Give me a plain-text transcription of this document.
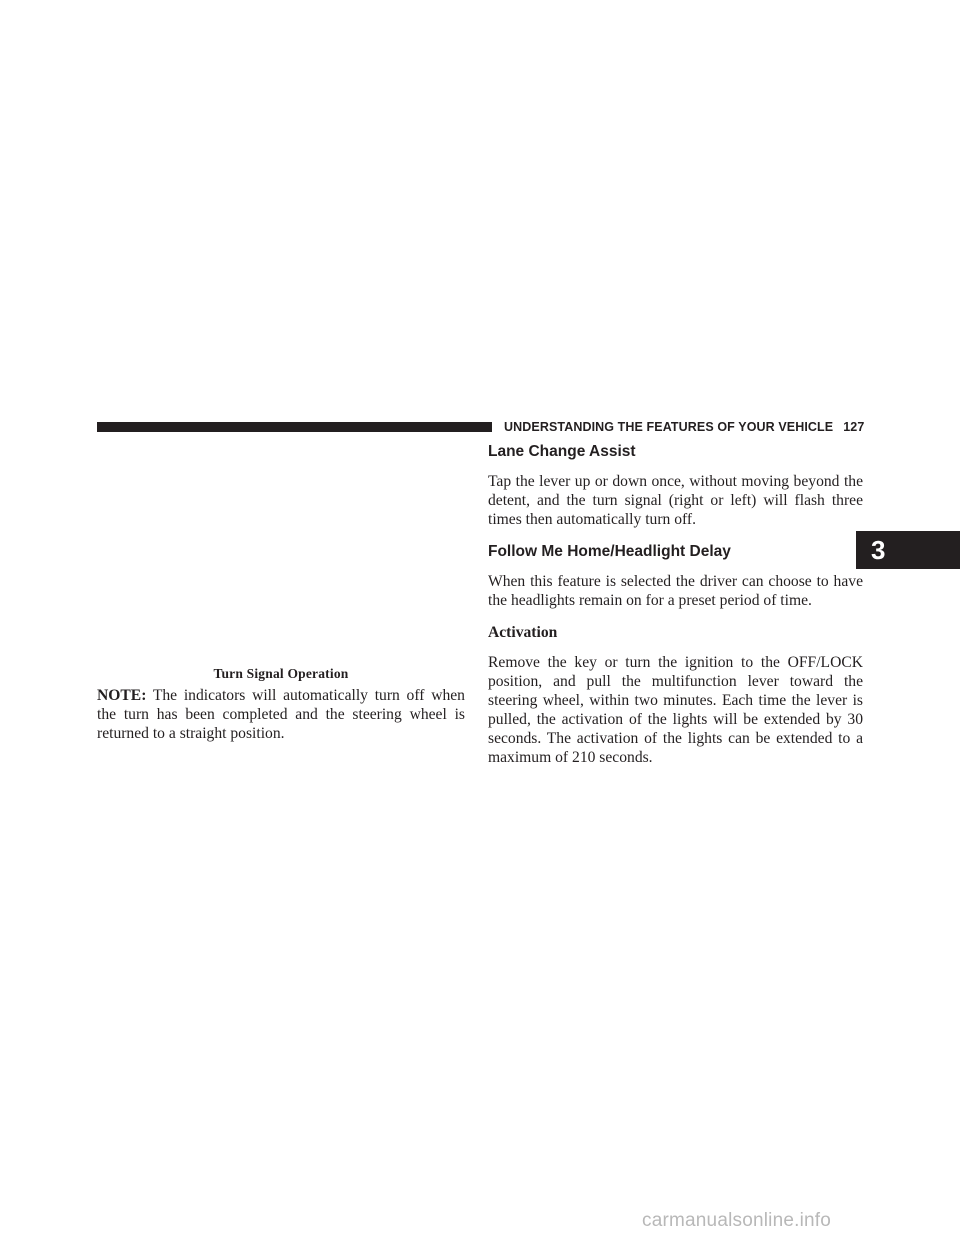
UNDERSTANDING THE FEATURES OF YOUR VEHICLE 127
3
Turn Signal Operation

NOTE: The indicators will automatically turn off when the turn has been completed and the steering wheel is returned to a straight position.

Lane Change Assist

Tap the lever up or down once, without moving beyond the detent, and the turn signal (right or left) will flash three times then automatically turn off.

Follow Me Home/Headlight Delay

When this feature is selected the driver can choose to have the headlights remain on for a preset period of time.

Activation

Remove the key or turn the ignition to the OFF/LOCK position, and pull the multifunction lever toward the steering wheel, within two minutes. Each time the lever is pulled, the activation of the lights will be extended by 30 seconds. The activation of the lights can be extended to a maximum of 210 seconds.

carmanualsonline.info
